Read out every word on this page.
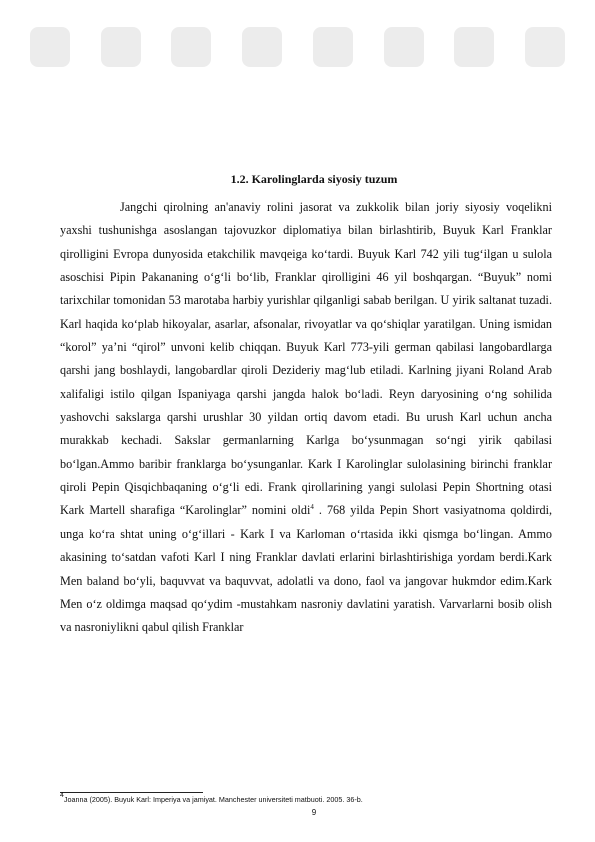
1.2. Karolinglarda siyosiy tuzum

Jangchi qirolning an'anaviy rolini jasorat va zukkolik bilan joriy siyosiy voqelikni yaxshi tushunishga asoslangan tajovuzkor diplomatiya bilan birlashtirib, Buyuk Karl Franklar qirolligini Evropa dunyosida etakchilik mavqeiga ko‘tardi. Buyuk Karl 742 yili tug‘ilgan u sulola asoschisi Pipin Pakananing o‘g‘li bo‘lib, Franklar qirolligini 46 yil boshqargan. “Buyuk” nomi tarixchilar tomonidan 53 marotaba harbiy yurishlar qilganligi sabab berilgan. U yirik saltanat tuzadi. Karl haqida ko‘plab hikoyalar, asarlar, afsonalar, rivoyatlar va qo‘shiqlar yaratilgan. Uning ismidan “korol” ya’ni “qirol” unvoni kelib chiqqan. Buyuk Karl 773-yili german qabilasi langobardlarga qarshi jang boshlaydi, langobardlar qiroli Dezideriy mag‘lub etiladi. Karlning jiyani Roland Arab xalifaligi istilo qilgan Ispaniyaga qarshi jangda halok bo‘ladi. Reyn daryosining o‘ng sohilida yashovchi sakslarga qarshi urushlar 30 yildan ortiq davom etadi. Bu urush Karl uchun ancha murakkab kechadi. Sakslar germanlarning Karlga bo‘ysunmagan so‘ngi yirik qabilasi bo‘lgan.Ammo baribir franklarga bo‘ysunganlar. Kark I Karolinglar sulolasining birinchi franklar qiroli Pepin Qisqichbaqaning o‘g‘li edi. Frank qirollarining yangi sulolasi Pepin Shortning otasi Kark Martell sharafiga “Karolinglar” nomini oldi$^4$ . 768 yilda Pepin Short vasiyatnoma qoldirdi, unga ko‘ra shtat uning o‘g‘illari - Kark I va Karloman o‘rtasida ikki qismga bo‘lingan. Ammo akasining to‘satdan vafoti Karl I ning Franklar davlati erlarini birlashtirishiga yordam berdi.Kark Men baland bo‘yli, baquvvat va baquvvat, adolatli va dono, faol va jangovar hukmdor edim.Kark Men o‘z oldimga maqsad qo‘ydim -mustahkam nasroniy davlatini yaratish. Varvarlarni bosib olish va nasroniylikni qabul qilish Franklar

$^4$Joanna (2005). Buyuk Karl: Imperiya va jamiyat. Manchester universiteti matbuoti. 2005. 36-b.
9
